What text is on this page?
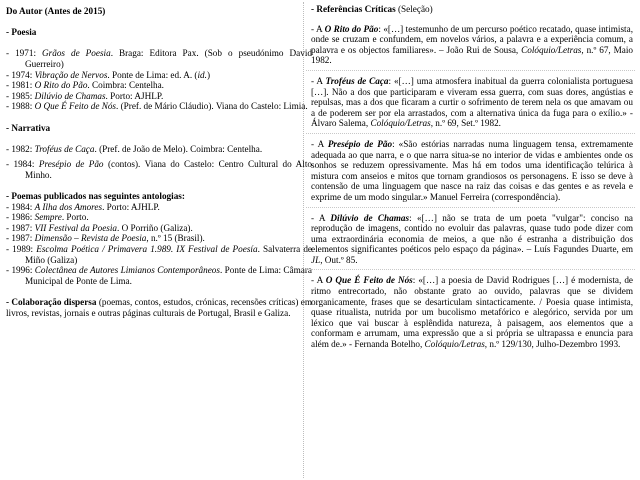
Do Autor (Antes de 2015)

- Poesia

- 1971: Grãos de Poesia. Braga: Editora Pax. (Sob o pseudónimo David Guerreiro)

- 1974: Vibração de Nervos. Ponte de Lima: ed. A. (id.)

- 1981: O Rito do Pão. Coimbra: Centelha.

- 1985: Dilúvio de Chamas. Porto: AJHLP.

- 1988: O Que É Feito de Nós. (Pref. de Mário Cláudio). Viana do Castelo: Limia.

- Narrativa

- 1982: Troféus de Caça. (Pref. de João de Melo). Coimbra: Centelha.

- 1984: Presépio de Pão (contos). Viana do Castelo: Centro Cultural do Alto Minho.

- Poemas publicados nas seguintes antologias:

- 1984: A Ilha dos Amores. Porto: AJHLP.

- 1986: Sempre. Porto.

- 1987: VII Festival da Poesia. O Porriño (Galiza).

- 1987: Dimensão – Revista de Poesia, n.º 15 (Brasil).

- 1989: Escolma Poética / Primavera 1.989. IX Festival de Poesía. Salvaterra de Miño (Galiza)

- 1996: Colectânea de Autores Limianos Contemporâneos. Ponte de Lima: Câmara Municipal de Ponte de Lima.

- Colaboração dispersa (poemas, contos, estudos, crónicas, recensões críticas) em livros, revistas, jornais e outras páginas culturais de Portugal, Brasil e Galiza.

- Referências Críticas (Seleção)

- A O Rito do Pão: «[…] testemunho de um percurso poético recatado, quase intimista, onde se cruzam e confundem, em novelos vários, a palavra e a experiência comum, a palavra e os objectos familiares». – João Rui de Sousa, Colóquio/Letras, n.º 67, Maio 1982.

- A Troféus de Caça: «[…] uma atmosfera inabitual da guerra colonialista portuguesa […]. Não a dos que participaram e viveram essa guerra, com suas dores, angústias e repulsas, mas a dos que ficaram a curtir o sofrimento de terem nela os que amavam ou a de poderem ser por ela arrastados, com a alternativa única da fuga para o exílio.» - Álvaro Salema, Colóquio/Letras, n.º 69, Set.º 1982.

- A Presépio de Pão: «São estórias narradas numa linguagem tensa, extremamente adequada ao que narra, e o que narra situa-se no interior de vidas e ambientes onde os sonhos se reduzem opressivamente. Mas há em todos uma identificação telúrica à mistura com anseios e mitos que tornam grandiosos os personagens. E isso se deve à contensão de uma linguagem que nasce na raiz das coisas e das gentes e as revela e exprime de um modo singular.» Manuel Ferreira (correspondência).

- A Dilúvio de Chamas: «[…] não se trata de um poeta "vulgar": conciso na reprodução de imagens, contido no evoluir das palavras, quase tudo pode dizer com uma extraordinária economia de meios, a que não é estranha a distribuição dos elementos significantes poéticos pelo espaço da página». – Luís Fagundes Duarte, em JL, Out.º 85.

- A O Que É Feito de Nós: «[…] a poesia de David Rodrigues […] é modernista, de ritmo entrecortado, não obstante grato ao ouvido, palavras que se dividem organicamente, frases que se desarticulam sintacticamente. / Poesia quase intimista, quase ritualista, nutrida por um bucolismo metafórico e alegórico, servida por um léxico que vai buscar à esplêndida natureza, à paisagem, aos elementos que a conformam e arrumam, uma expressão que a si própria se ultrapassa e enuncia para além de.» - Fernanda Botelho, Colóquio/Letras, n.º 129/130, Julho-Dezembro 1993.
